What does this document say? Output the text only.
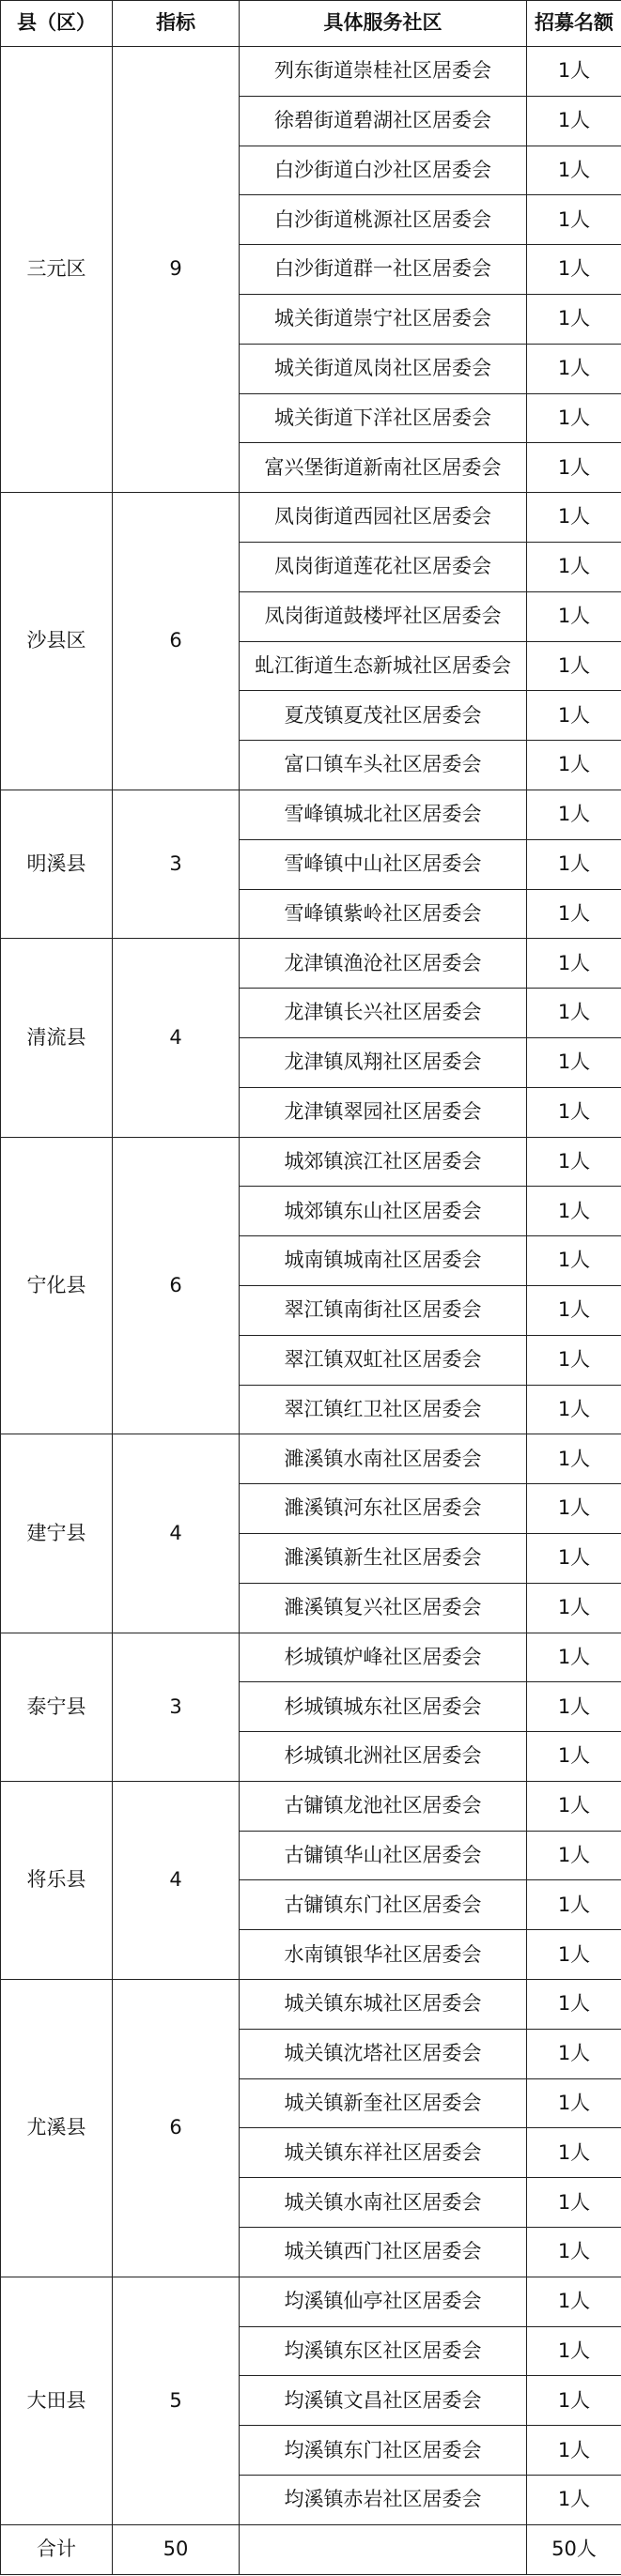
县（区）	指标	具体服务社区	招募名额
三元区	9	列东街道崇桂社区居委会	1人
		徐碧街道碧湖社区居委会	1人
		白沙街道白沙社区居委会	1人
		白沙街道桃源社区居委会	1人
		白沙街道群一社区居委会	1人
		城关街道崇宁社区居委会	1人
		城关街道凤岗社区居委会	1人
		城关街道下洋社区居委会	1人
		富兴堡街道新南社区居委会	1人
沙县区	6	凤岗街道西园社区居委会	1人
		凤岗街道莲花社区居委会	1人
		凤岗街道鼓楼坪社区居委会	1人
		虬江街道生态新城社区居委会	1人
		夏茂镇夏茂社区居委会	1人
		富口镇车头社区居委会	1人
明溪县	3	雪峰镇城北社区居委会	1人
		雪峰镇中山社区居委会	1人
		雪峰镇紫岭社区居委会	1人
清流县	4	龙津镇渔沧社区居委会	1人
		龙津镇长兴社区居委会	1人
		龙津镇凤翔社区居委会	1人
		龙津镇翠园社区居委会	1人
宁化县	6	城郊镇滨江社区居委会	1人
		城郊镇东山社区居委会	1人
		城南镇城南社区居委会	1人
		翠江镇南街社区居委会	1人
		翠江镇双虹社区居委会	1人
		翠江镇红卫社区居委会	1人
建宁县	4	濉溪镇水南社区居委会	1人
		濉溪镇河东社区居委会	1人
		濉溪镇新生社区居委会	1人
		濉溪镇复兴社区居委会	1人
泰宁县	3	杉城镇炉峰社区居委会	1人
		杉城镇城东社区居委会	1人
		杉城镇北洲社区居委会	1人
将乐县	4	古镛镇龙池社区居委会	1人
		古镛镇华山社区居委会	1人
		古镛镇东门社区居委会	1人
		水南镇银华社区居委会	1人
尤溪县	6	城关镇东城社区居委会	1人
		城关镇沈塔社区居委会	1人
		城关镇新奎社区居委会	1人
		城关镇东祥社区居委会	1人
		城关镇水南社区居委会	1人
		城关镇西门社区居委会	1人
大田县	5	均溪镇仙亭社区居委会	1人
		均溪镇东区社区居委会	1人
		均溪镇文昌社区居委会	1人
		均溪镇东门社区居委会	1人
		均溪镇赤岩社区居委会	1人
合计	50		50人
